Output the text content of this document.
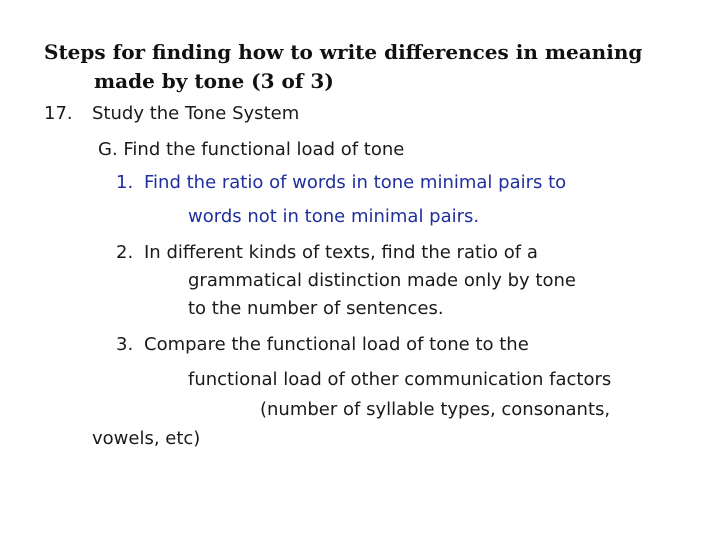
Steps for finding how to write differences in meaning
made by tone (3 of 3)
17. Study the Tone System
G. Find the functional load of tone
1. Find the ratio of words in tone minimal pairs to
words not in tone minimal pairs.
2. In different kinds of texts, find the ratio of a
grammatical distinction made only by tone
to the number of sentences.
3. Compare the functional load of tone to the
functional load of other communication factors
(number of syllable types, consonants,
vowels, etc)
